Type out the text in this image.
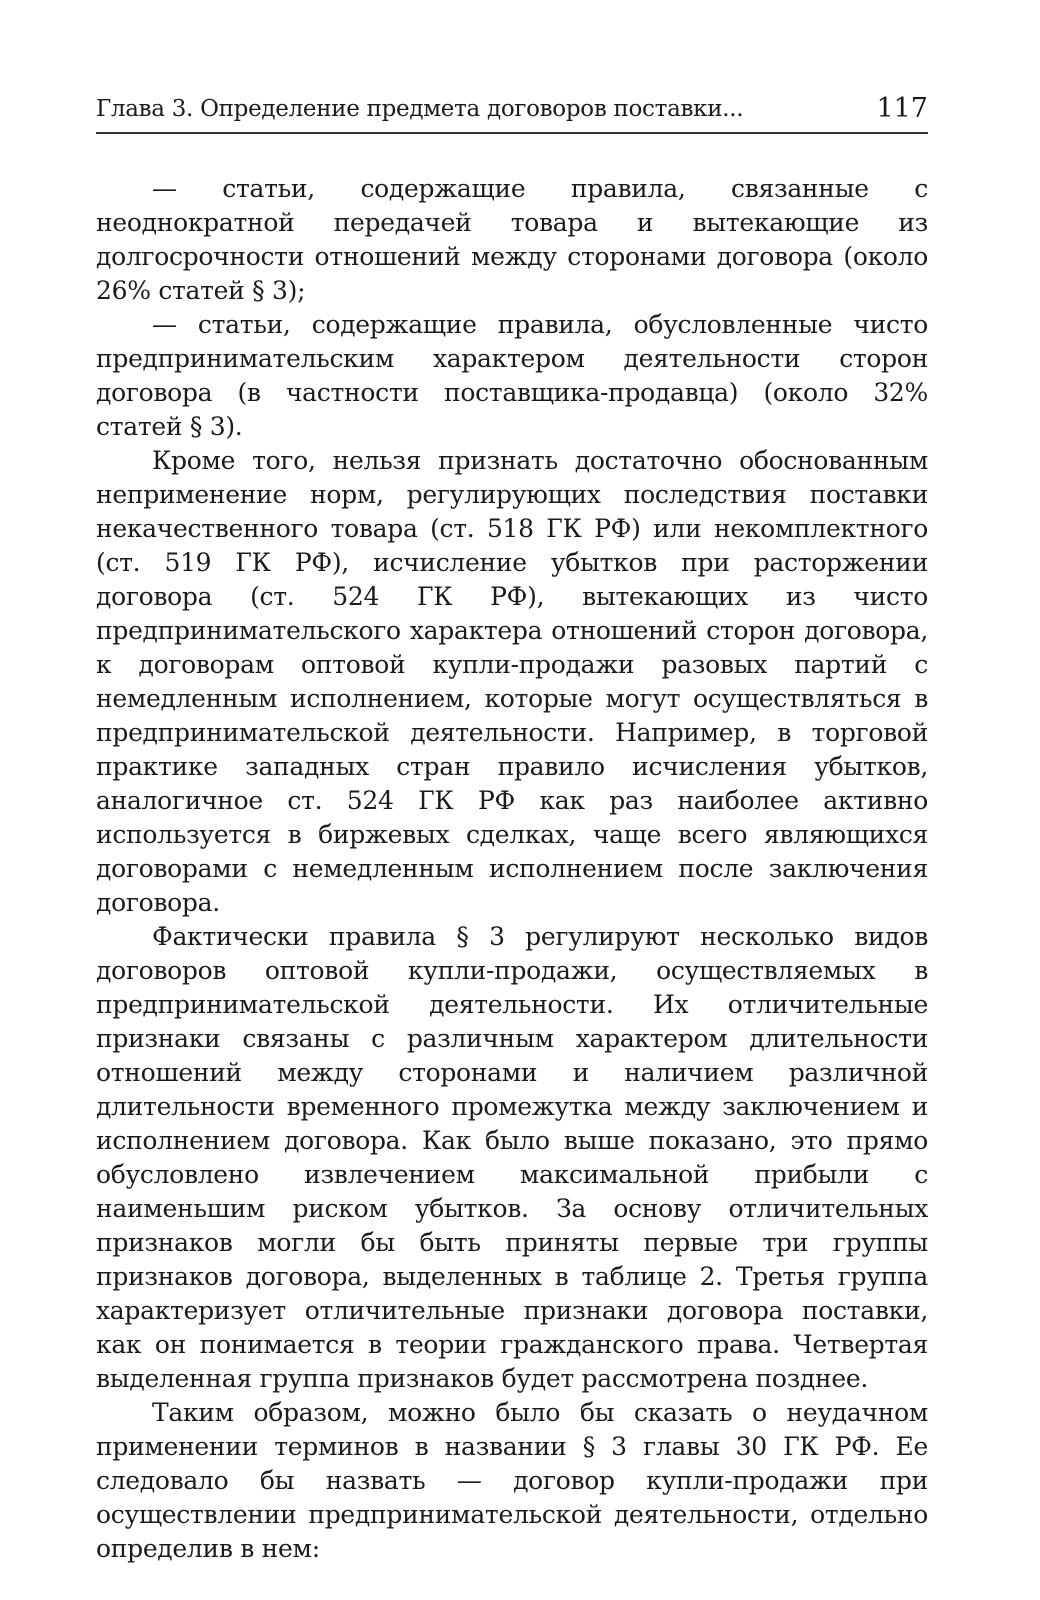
Глава 3. Определение предмета договоров поставки...	117

— статьи, содержащие правила, связанные с неоднократной передачей товара и вытекающие из долгосрочности отношений между сторонами договора (около 26% статей § 3);

— статьи, содержащие правила, обусловленные чисто предпринимательским характером деятельности сторон договора (в частности поставщика-продавца) (около 32% статей § 3).

Кроме того, нельзя признать достаточно обоснованным неприменение норм, регулирующих последствия поставки некачественного товара (ст. 518 ГК РФ) или некомплектного (ст. 519 ГК РФ), исчисление убытков при расторжении договора (ст. 524 ГК РФ), вытекающих из чисто предпринимательского характера отношений сторон договора, к договорам оптовой купли-продажи разовых партий с немедленным исполнением, которые могут осуществляться в предпринимательской деятельности. Например, в торговой практике западных стран правило исчисления убытков, аналогичное ст. 524 ГК РФ как раз наиболее активно используется в биржевых сделках, чаще всего являющихся договорами с немедленным исполнением после заключения договора.

Фактически правила § 3 регулируют несколько видов договоров оптовой купли-продажи, осуществляемых в предпринимательской деятельности. Их отличительные признаки связаны с различным характером длительности отношений между сторонами и наличием различной длительности временного промежутка между заключением и исполнением договора. Как было выше показано, это прямо обусловлено извлечением максимальной прибыли с наименьшим риском убытков. За основу отличительных признаков могли бы быть приняты первые три группы признаков договора, выделенных в таблице 2. Третья группа характеризует отличительные признаки договора поставки, как он понимается в теории гражданского права. Четвертая выделенная группа признаков будет рассмотрена позднее.

Таким образом, можно было бы сказать о неудачном применении терминов в названии § 3 главы 30 ГК РФ. Ее следовало бы назвать — договор купли-продажи при осуществлении предпринимательской деятельности, отдельно определив в нем:
